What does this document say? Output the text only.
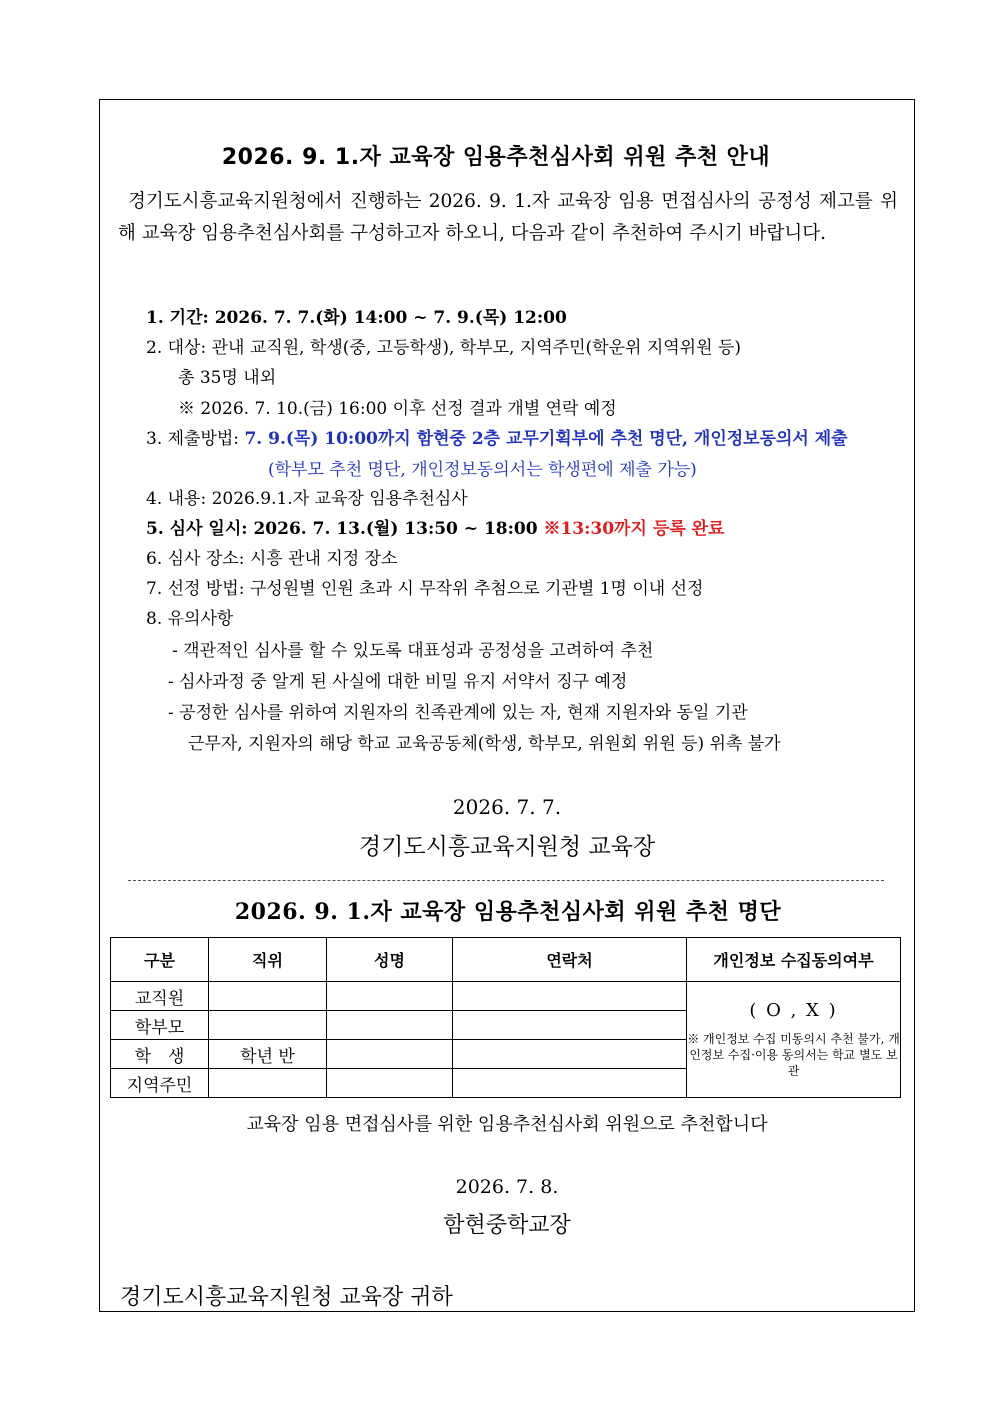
2026. 9. 1.자 교육장 임용추천심사회 위원 추천 안내
경기도시흥교육지원청에서 진행하는 2026. 9. 1.자 교육장 임용 면접심사의 공정성 제고를 위해 교육장 임용추천심사회를 구성하고자 하오니, 다음과 같이 추천하여 주시기 바랍니다.
1. 기간: 2026. 7. 7.(화) 14:00 ~ 7. 9.(목) 12:00
2. 대상: 관내 교직원, 학생(중, 고등학생), 학부모, 지역주민(학운위 지역위원 등)
총 35명 내외
※ 2026. 7. 10.(금) 16:00 이후 선정 결과 개별 연락 예정
3. 제출방법: 7. 9.(목) 10:00까지 함현중 2층 교무기획부에 추천 명단, 개인정보동의서 제출
(학부모 추천 명단, 개인정보동의서는 학생편에 제출 가능)
4. 내용: 2026.9.1.자 교육장 임용추천심사
5. 심사 일시: 2026. 7. 13.(월) 13:50 ~ 18:00 ※13:30까지 등록 완료
6. 심사 장소: 시흥 관내 지정 장소
7. 선정 방법: 구성원별 인원 초과 시 무작위 추첨으로 기관별 1명 이내 선정
8. 유의사항
- 객관적인 심사를 할 수 있도록 대표성과 공정성을 고려하여 추천
- 심사과정 중 알게 된 사실에 대한 비밀 유지 서약서 징구 예정
- 공정한 심사를 위하여 지원자의 친족관계에 있는 자, 현재 지원자와 동일 기관
근무자, 지원자의 해당 학교 교육공동체(학생, 학부모, 위원회 위원 등) 위촉 불가
2026. 7. 7.
경기도시흥교육지원청 교육장
2026. 9. 1.자 교육장 임용추천심사회 위원 추천 명단
구분	직위	성명	연락처	개인정보 수집동의여부
교직원				( O , X )
※ 개인정보 수집 미동의시 추천 불가, 개인정보 수집·이용 동의서는 학교 별도 보관

학부모				
학　생	학년 반			
지역주민				
교육장 임용 면접심사를 위한 임용추천심사회 위원으로 추천합니다
2026. 7. 8.
함현중학교장
경기도시흥교육지원청 교육장 귀하
